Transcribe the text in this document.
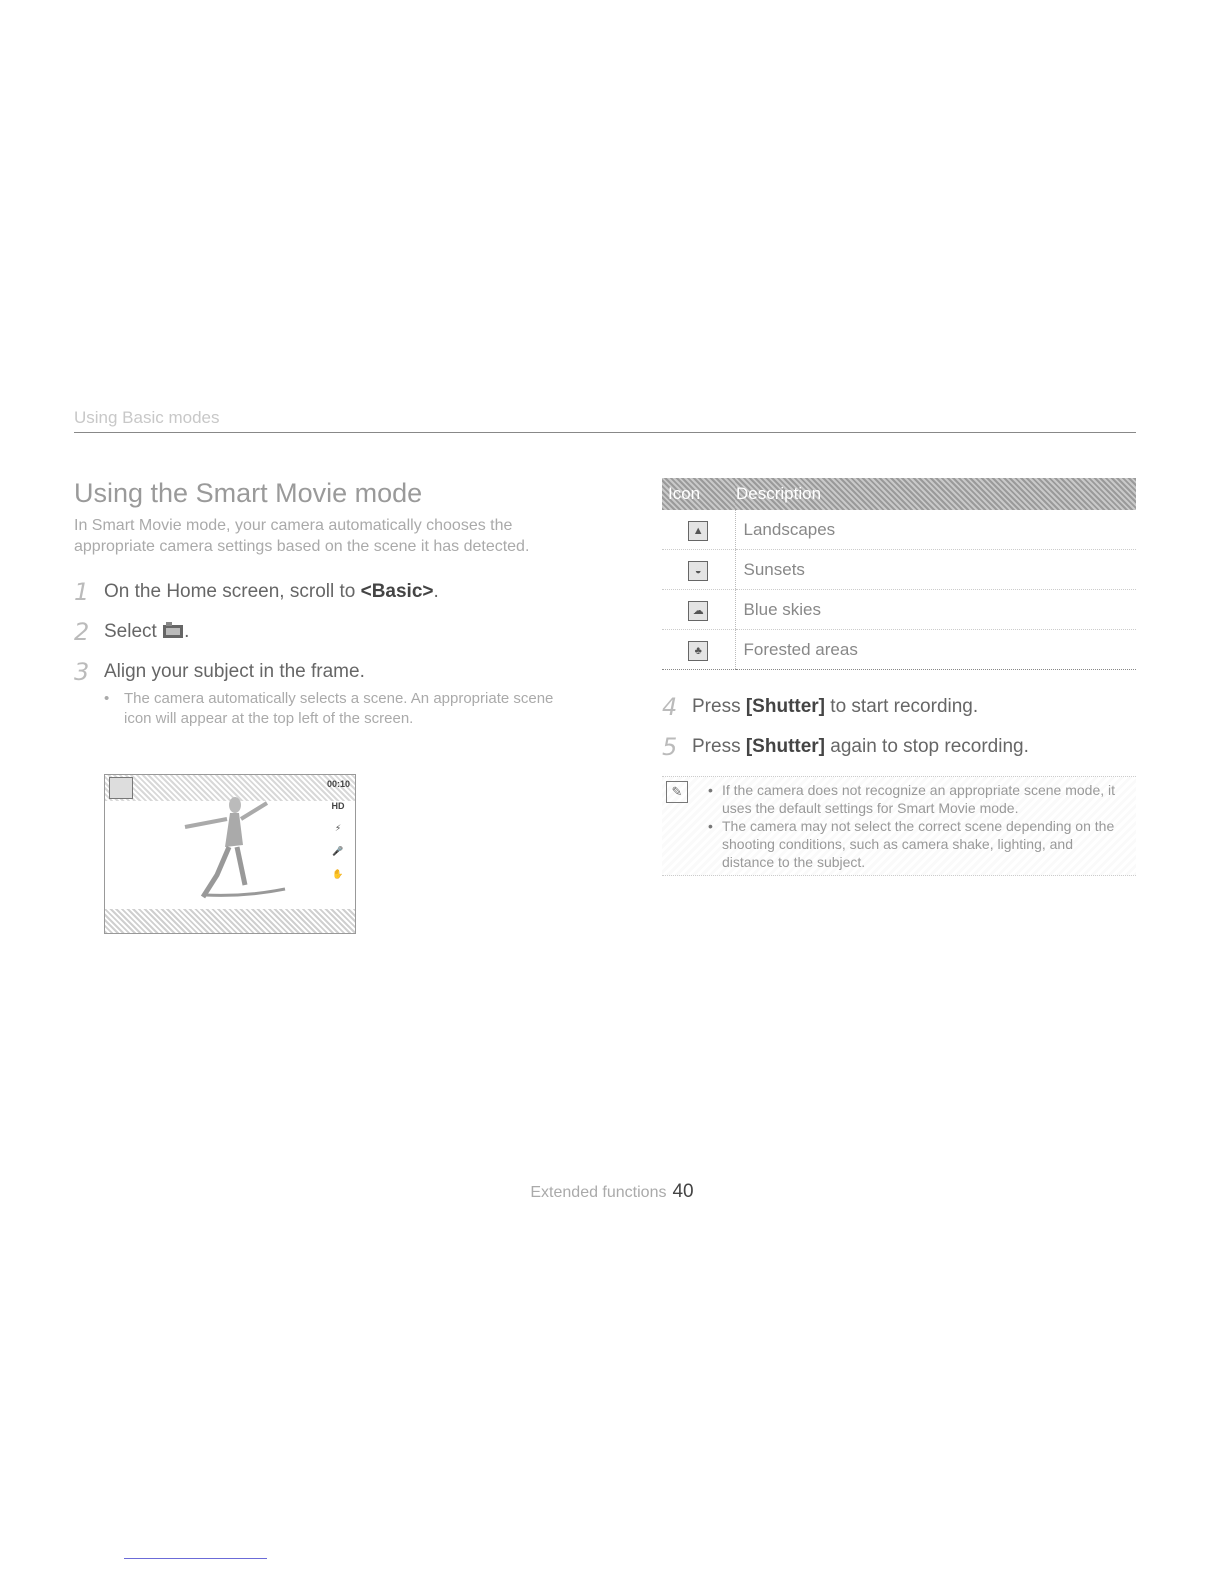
Using Basic modes
Using the Smart Movie mode

In Smart Movie mode, your camera automatically chooses the appropriate camera settings based on the scene it has detected.

1 On the Home screen, scroll to <Basic>.
2 Select .
3 Align your subject in the frame.
• The camera automatically selects a scene. An appropriate scene icon will appear at the top left of the screen.
00:10
HD
⚡
🎤
✋
Icon	Description
▲	Landscapes
◒	Sunsets
☁	Blue skies
♣	Forested areas
4 Press [Shutter] to start recording.
5 Press [Shutter] again to stop recording.
✎	• If the camera does not recognize an appropriate scene mode, it uses the default settings for Smart Movie mode.
• The camera may not select the correct scene depending on the shooting conditions, such as camera shake, lighting, and distance to the subject.
Extended functions 40
